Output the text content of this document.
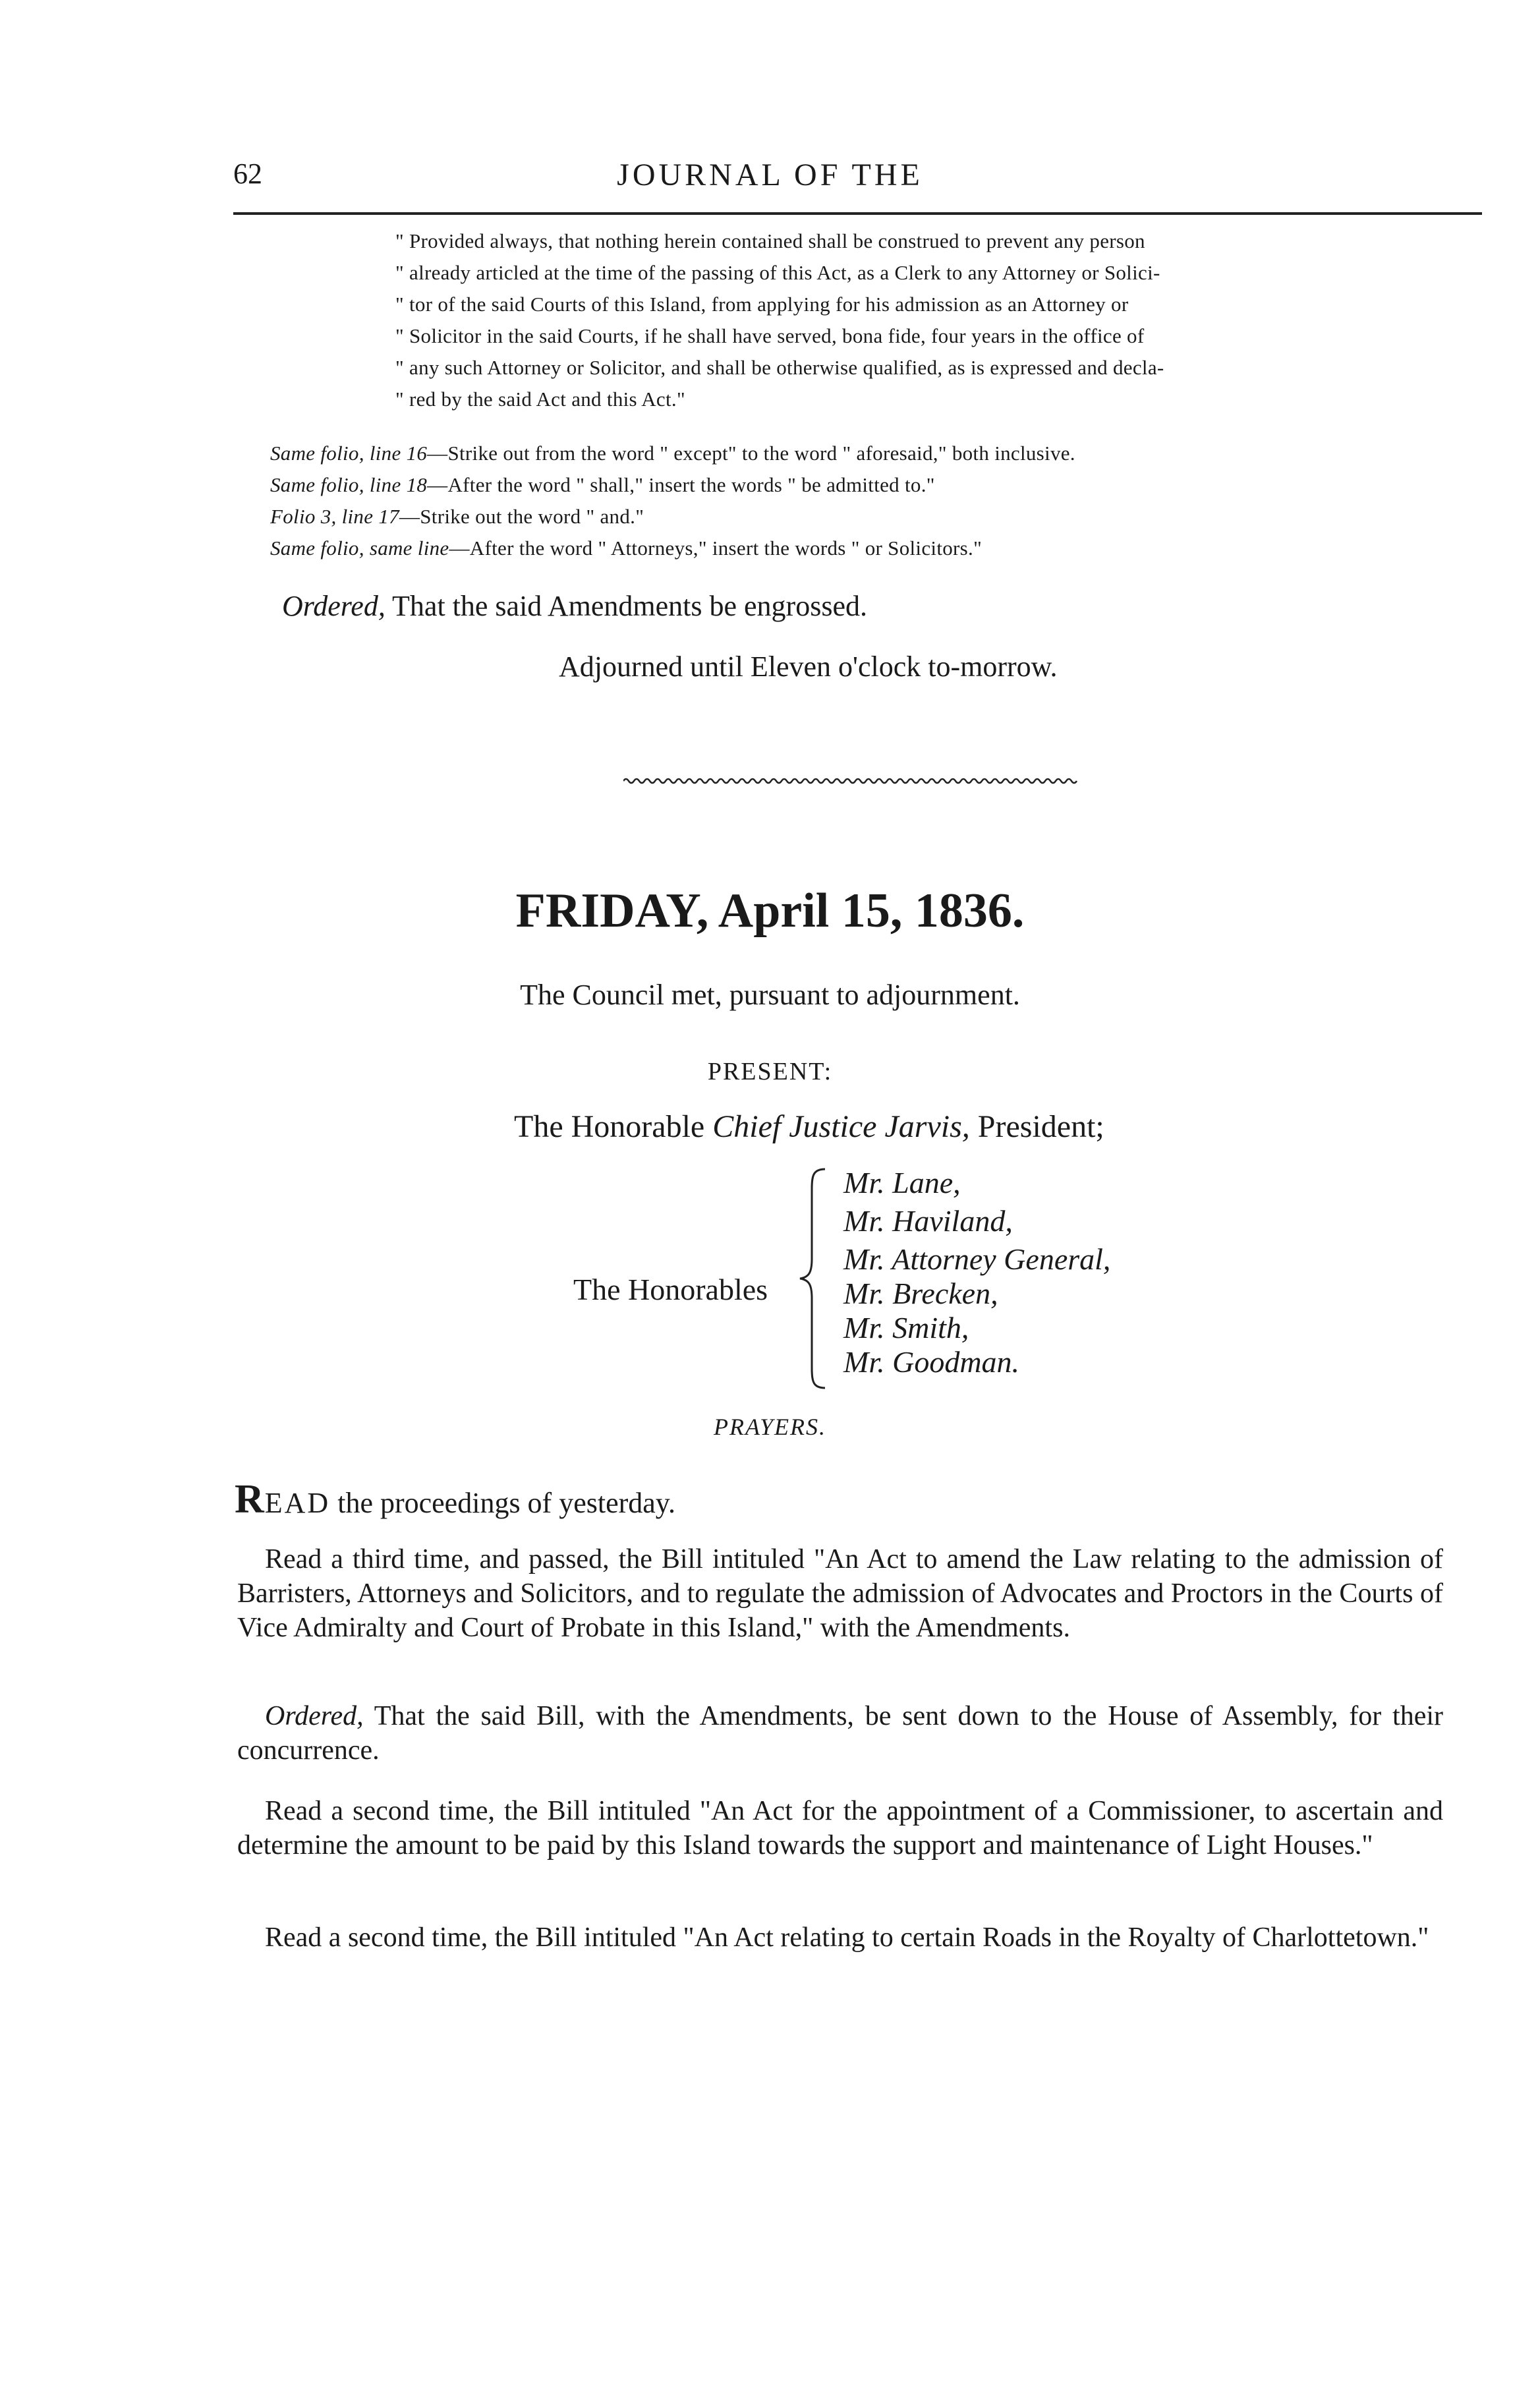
62	JOURNAL OF THE
" Provided always, that nothing herein contained shall be construed to prevent any person
" already articled at the time of the passing of this Act, as a Clerk to any Attorney or Solici-
" tor of the said Courts of this Island, from applying for his admission as an Attorney or
" Solicitor in the said Courts, if he shall have served, bona fide, four years in the office of
" any such Attorney or Solicitor, and shall be otherwise qualified, as is expressed and decla-
" red by the said Act and this Act."
Same folio, line 16—Strike out from the word " except" to the word " aforesaid," both inclusive.
Same folio, line 18—After the word " shall," insert the words " be admitted to."
Folio 3, line 17—Strike out the word " and."
Same folio, same line—After the word " Attorneys," insert the words " or Solicitors."
Ordered, That the said Amendments be engrossed.
Adjourned until Eleven o'clock to-morrow.
FRIDAY, April 15, 1836.
The Council met, pursuant to adjournment.
PRESENT:
The Honorable Chief Justice Jarvis, President;
The Honorables
Mr. Lane,
Mr. Haviland,
Mr. Attorney General,
Mr. Brecken,
Mr. Smith,
Mr. Goodman.
PRAYERS.
READ the proceedings of yesterday.
Read a third time, and passed, the Bill intituled "An Act to amend the Law relating to the admission of Barristers, Attorneys and Solicitors, and to regulate the admission of Advocates and Proctors in the Courts of Vice Admiralty and Court of Probate in this Island," with the Amendments.
Ordered, That the said Bill, with the Amendments, be sent down to the House of Assembly, for their concurrence.
Read a second time, the Bill intituled "An Act for the appointment of a Commissioner, to ascertain and determine the amount to be paid by this Island towards the support and maintenance of Light Houses."
Read a second time, the Bill intituled "An Act relating to certain Roads in the Royalty of Charlottetown."
